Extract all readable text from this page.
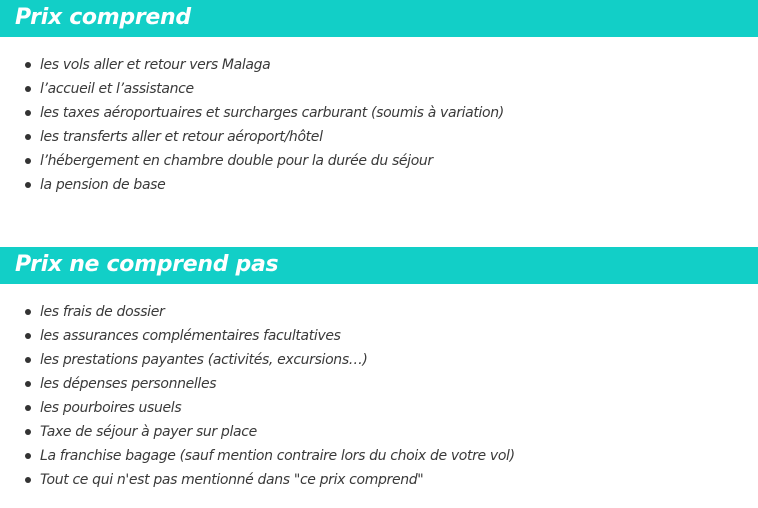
Prix comprend
les vols aller et retour vers Malaga
l’accueil et l’assistance
les taxes aéroportuaires et surcharges carburant (soumis à variation)
les transferts aller et retour aéroport/hôtel
l’hébergement en chambre double pour la durée du séjour
la pension de base
Prix ne comprend pas
les frais de dossier
les assurances complémentaires facultatives
les prestations payantes (activités, excursions…)
les dépenses personnelles
les pourboires usuels
Taxe de séjour à payer sur place
La franchise bagage (sauf mention contraire lors du choix de votre vol)
Tout ce qui n'est pas mentionné dans "ce prix comprend"
